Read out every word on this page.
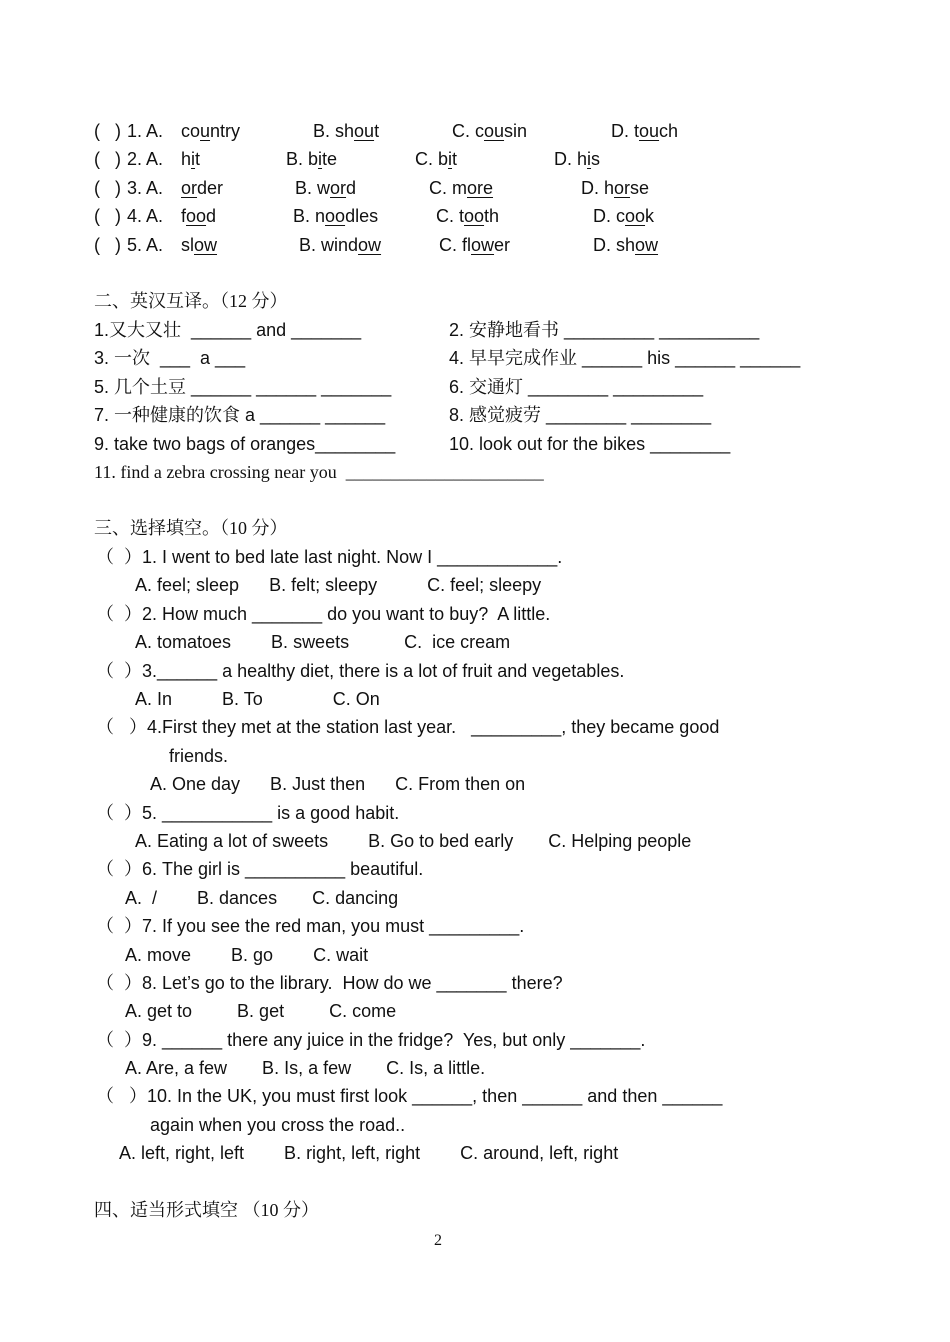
(   ) 1. A. country	B. shout	C. cousin	D. touch
(   ) 2. A. hit	B. bite	C. bit	D. his
(   ) 3. A. order	B. word	C. more	D. horse
(   ) 4. A. food	B. noodles	C. tooth	D. cook
(   ) 5. A. slow	B. window	C. flower	D. show
二、英汉互译。（12 分）
1.又大又壮  ______ and _______	2. 安静地看书 _________ __________
3. 一次  ___  a ___	4. 早早完成作业 ______ his ______ ______
5. 几个土豆 ______ ______ _______	6. 交通灯 ________ _________
7. 一种健康的饮食 a ______ ______	8. 感觉疲劳 ________ ________
9. take two bags of oranges________	10. look out for the bikes ________
11. find a zebra crossing near you  ______________________
三、选择填空。（10 分）
（  ）1. I went to bed late last night. Now I ____________.
A. feel; sleep      B. felt; sleepy          C. feel; sleepy
（  ）2. How much _______ do you want to buy?  A little.
A. tomatoes        B. sweets           C.  ice cream
（  ）3.______ a healthy diet, there is a lot of fruit and vegetables.
A. In          B. To              C. On
（   ）4.First they met at the station last year.   _________, they became good
friends.
A. One day      B. Just then      C. From then on
（  ）5. ___________ is a good habit.
A. Eating a lot of sweets        B. Go to bed early       C. Helping people
（  ）6. The girl is __________ beautiful.
A.  /        B. dances       C. dancing
（  ）7. If you see the red man, you must _________.
A. move        B. go        C. wait
（  ）8. Let’s go to the library.  How do we _______ there?
A. get to         B. get         C. come
（  ）9. ______ there any juice in the fridge?  Yes, but only _______.
A. Are, a few       B. Is, a few       C. Is, a little.
（   ）10. In the UK, you must first look ______, then ______ and then ______
again when you cross the road..
A. left, right, left        B. right, left, right        C. around, left, right
四、适当形式填空 （10 分）
2
